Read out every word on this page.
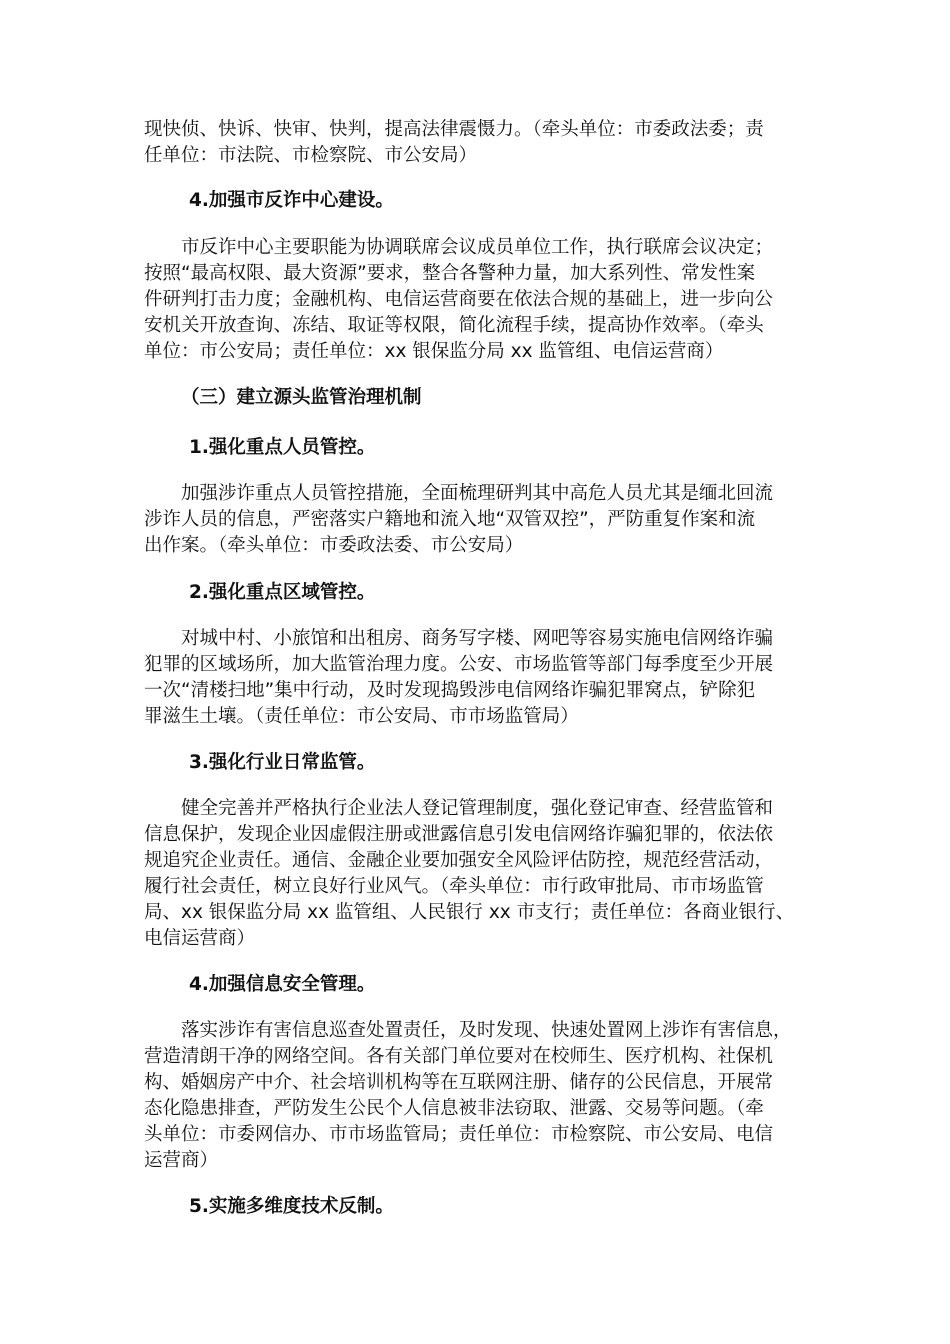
现快侦、快诉、快审、快判，提高法律震慑力。（牵头单位：市委政法委；责
任单位：市法院、市检察院、市公安局）
4.加强市反诈中心建设。
市反诈中心主要职能为协调联席会议成员单位工作，执行联席会议决定；
按照“最高权限、最大资源”要求，整合各警种力量，加大系列性、常发性案
件研判打击力度；金融机构、电信运营商要在依法合规的基础上，进一步向公
安机关开放查询、冻结、取证等权限，简化流程手续，提高协作效率。（牵头
单位：市公安局；责任单位：xx 银保监分局 xx 监管组、电信运营商）
（三）建立源头监管治理机制
1.强化重点人员管控。
加强涉诈重点人员管控措施，全面梳理研判其中高危人员尤其是缅北回流
涉诈人员的信息，严密落实户籍地和流入地“双管双控”，严防重复作案和流
出作案。（牵头单位：市委政法委、市公安局）
2.强化重点区域管控。
对城中村、小旅馆和出租房、商务写字楼、网吧等容易实施电信网络诈骗
犯罪的区域场所，加大监管治理力度。公安、市场监管等部门每季度至少开展
一次“清楼扫地”集中行动，及时发现捣毁涉电信网络诈骗犯罪窝点，铲除犯
罪滋生土壤。（责任单位：市公安局、市市场监管局）
3.强化行业日常监管。
健全完善并严格执行企业法人登记管理制度，强化登记审查、经营监管和
信息保护，发现企业因虚假注册或泄露信息引发电信网络诈骗犯罪的，依法依
规追究企业责任。通信、金融企业要加强安全风险评估防控，规范经营活动，
履行社会责任，树立良好行业风气。（牵头单位：市行政审批局、市市场监管
局、xx 银保监分局 xx 监管组、人民银行 xx 市支行；责任单位：各商业银行、
电信运营商）
4.加强信息安全管理。
落实涉诈有害信息巡查处置责任，及时发现、快速处置网上涉诈有害信息，
营造清朗干净的网络空间。各有关部门单位要对在校师生、医疗机构、社保机
构、婚姻房产中介、社会培训机构等在互联网注册、储存的公民信息，开展常
态化隐患排查，严防发生公民个人信息被非法窃取、泄露、交易等问题。（牵
头单位：市委网信办、市市场监管局；责任单位：市检察院、市公安局、电信
运营商）
5.实施多维度技术反制。
